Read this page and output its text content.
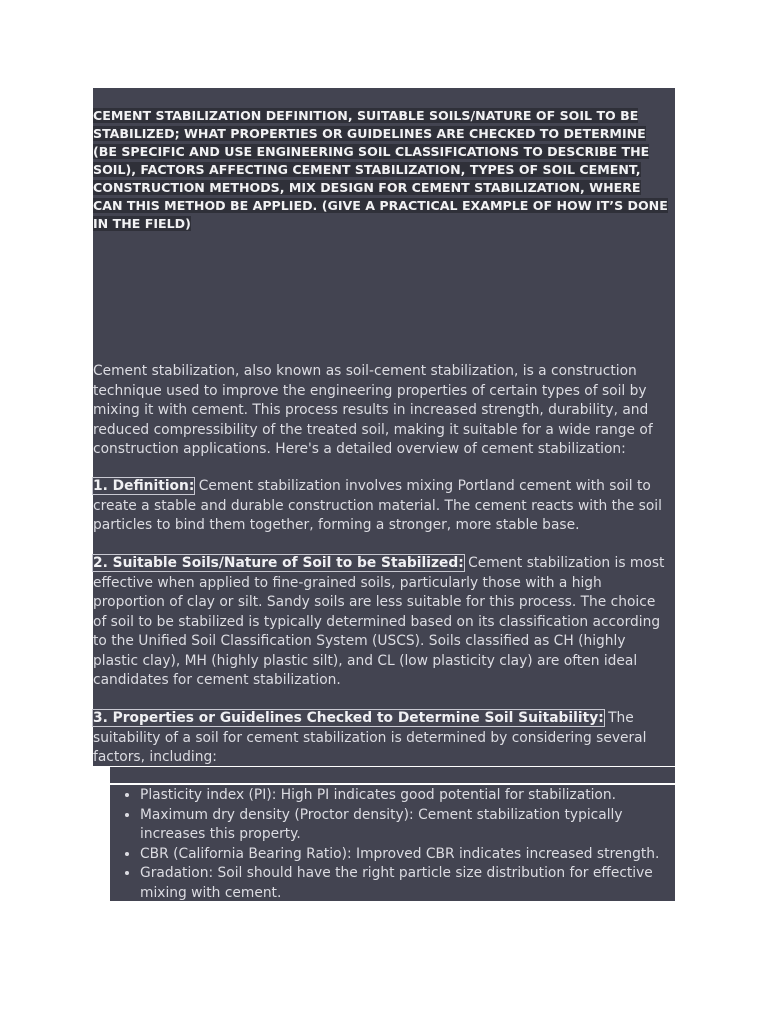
CEMENT STABILIZATION DEFINITION, SUITABLE SOILS/NATURE OF SOIL TO BE STABILIZED; WHAT PROPERTIES OR GUIDELINES ARE CHECKED TO DETERMINE (BE SPECIFIC AND USE ENGINEERING SOIL CLASSIFICATIONS TO DESCRIBE THE SOIL), FACTORS AFFECTING CEMENT STABILIZATION, TYPES OF SOIL CEMENT, CONSTRUCTION METHODS, MIX DESIGN FOR CEMENT STABILIZATION, WHERE CAN THIS METHOD BE APPLIED. (GIVE A PRACTICAL EXAMPLE OF HOW IT’S DONE IN THE FIELD)

Cement stabilization, also known as soil-cement stabilization, is a construction technique used to improve the engineering properties of certain types of soil by mixing it with cement. This process results in increased strength, durability, and reduced compressibility of the treated soil, making it suitable for a wide range of construction applications. Here's a detailed overview of cement stabilization:

1. Definition: Cement stabilization involves mixing Portland cement with soil to create a stable and durable construction material. The cement reacts with the soil particles to bind them together, forming a stronger, more stable base.

2. Suitable Soils/Nature of Soil to be Stabilized: Cement stabilization is most effective when applied to fine-grained soils, particularly those with a high proportion of clay or silt. Sandy soils are less suitable for this process. The choice of soil to be stabilized is typically determined based on its classification according to the Unified Soil Classification System (USCS). Soils classified as CH (highly plastic clay), MH (highly plastic silt), and CL (low plasticity clay) are often ideal candidates for cement stabilization.

3. Properties or Guidelines Checked to Determine Soil Suitability: The suitability of a soil for cement stabilization is determined by considering several factors, including:

• Plasticity index (PI): High PI indicates good potential for stabilization.
• Maximum dry density (Proctor density): Cement stabilization typically increases this property.
• CBR (California Bearing Ratio): Improved CBR indicates increased strength.
• Gradation: Soil should have the right particle size distribution for effective mixing with cement.
